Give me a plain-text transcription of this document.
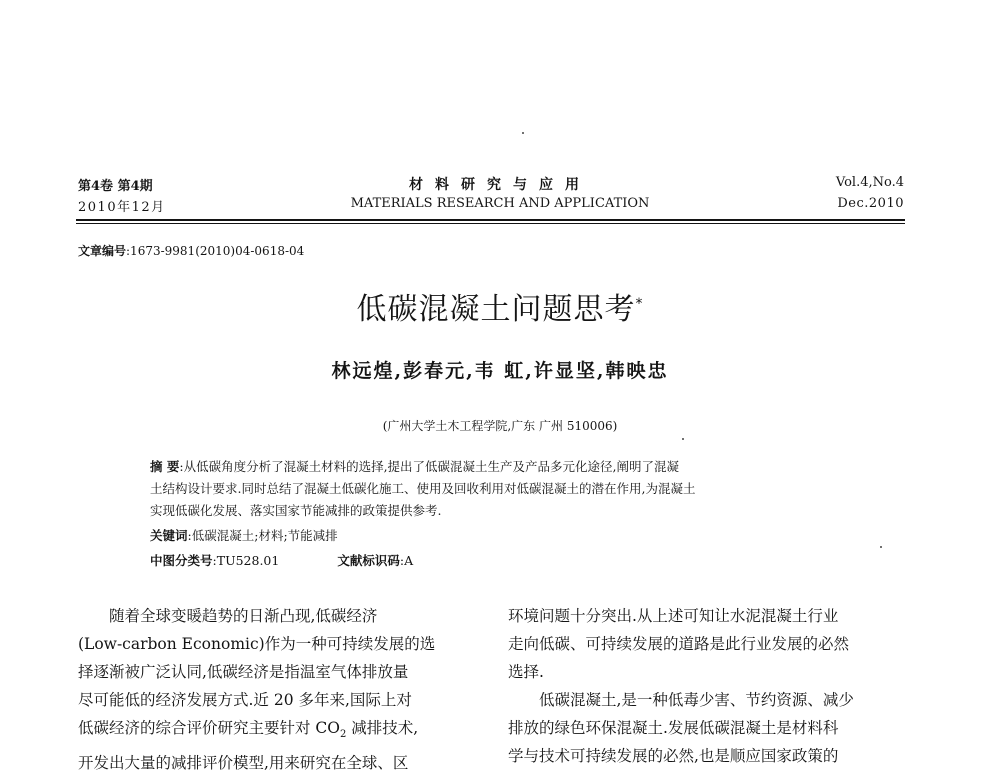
第4卷 第4期
2010年12月
材料研究与应用
MATERIALS RESEARCH AND APPLICATION
Vol.4,No.4
Dec.2010
文章编号:1673-9981(2010)04-0618-04
低碳混凝土问题思考*
林远煌,彭春元,韦 虹,许显坚,韩映忠
(广州大学土木工程学院,广东 广州 510006)
摘 要:从低碳角度分析了混凝土材料的选择,提出了低碳混凝土生产及产品多元化途径,阐明了混凝
土结构设计要求.同时总结了混凝土低碳化施工、使用及回收利用对低碳混凝土的潜在作用,为混凝土
实现低碳化发展、落实国家节能减排的政策提供参考.
关键词:低碳混凝土;材料;节能减排
中图分类号:TU528.01	文献标识码:A
随着全球变暖趋势的日渐凸现,低碳经济
(Low-carbon Economic)作为一种可持续发展的选
择逐渐被广泛认同,低碳经济是指温室气体排放量
尽可能低的经济发展方式.近 20 多年来,国际上对
低碳经济的综合评价研究主要针对 $CO_2$ 减排技术,
开发出大量的减排评价模型,用来研究在全球、区
环境问题十分突出.从上述可知让水泥混凝土行业
走向低碳、可持续发展的道路是此行业发展的必然
选择.
低碳混凝土,是一种低毒少害、节约资源、减少
排放的绿色环保混凝土.发展低碳混凝土是材料科
学与技术可持续发展的必然,也是顺应国家政策的
